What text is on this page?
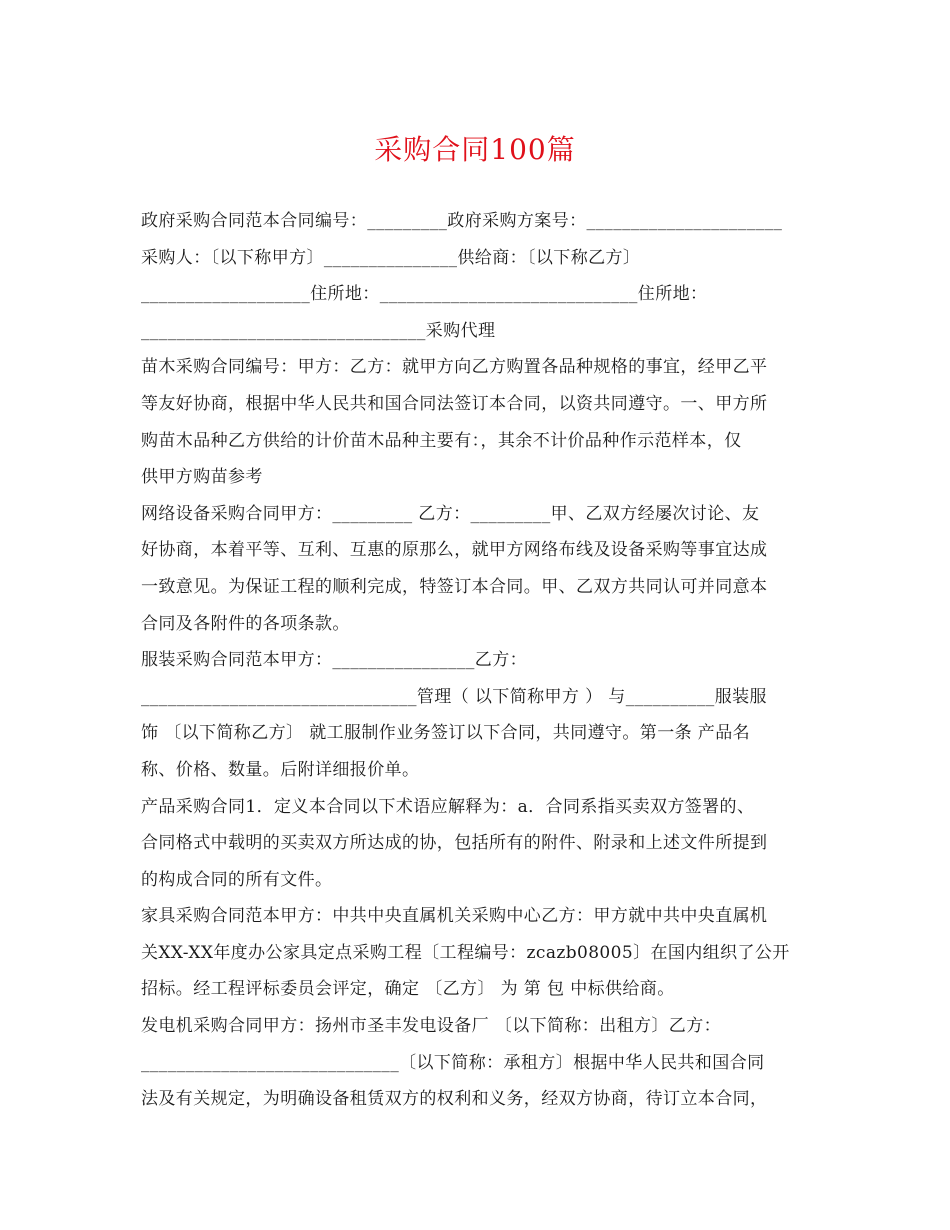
采购合同100篇
政府采购合同范本合同编号：_________政府采购方案号：______________________
采购人：〔以下称甲方〕_______________供给商：〔以下称乙方〕
___________________住所地：_____________________________住所地：
________________________________采购代理
苗木采购合同编号：甲方：乙方：就甲方向乙方购置各品种规格的事宜，经甲乙平
等友好协商，根据中华人民共和国合同法签订本合同，以资共同遵守。一、甲方所
购苗木品种乙方供给的计价苗木品种主要有：，其余不计价品种作示范样本，仅
供甲方购苗参考
网络设备采购合同甲方：_________ 乙方：_________甲、乙双方经屡次讨论、友
好协商，本着平等、互利、互惠的原那么，就甲方网络布线及设备采购等事宜达成
一致意见。为保证工程的顺利完成，特签订本合同。甲、乙双方共同认可并同意本
合同及各附件的各项条款。
服装采购合同范本甲方：________________乙方：
_______________________________管理（ 以下简称甲方 ） 与__________服装服
饰 〔以下简称乙方〕 就工服制作业务签订以下合同，共同遵守。第一条 产品名
称、价格、数量。后附详细报价单。
产品采购合同1．定义本合同以下术语应解释为：a．合同系指买卖双方签署的、
合同格式中载明的买卖双方所达成的协，包括所有的附件、附录和上述文件所提到
的构成合同的所有文件。
家具采购合同范本甲方：中共中央直属机关采购中心乙方：甲方就中共中央直属机
关XX-XX年度办公家具定点采购工程〔工程编号：zcazb08005〕在国内组织了公开
招标。经工程评标委员会评定，确定 〔乙方〕 为 第 包 中标供给商。
发电机采购合同甲方：扬州市圣丰发电设备厂 〔以下简称：出租方〕乙方：
_____________________________〔以下简称：承租方〕根据中华人民共和国合同
法及有关规定，为明确设备租赁双方的权利和义务，经双方协商，待订立本合同，
